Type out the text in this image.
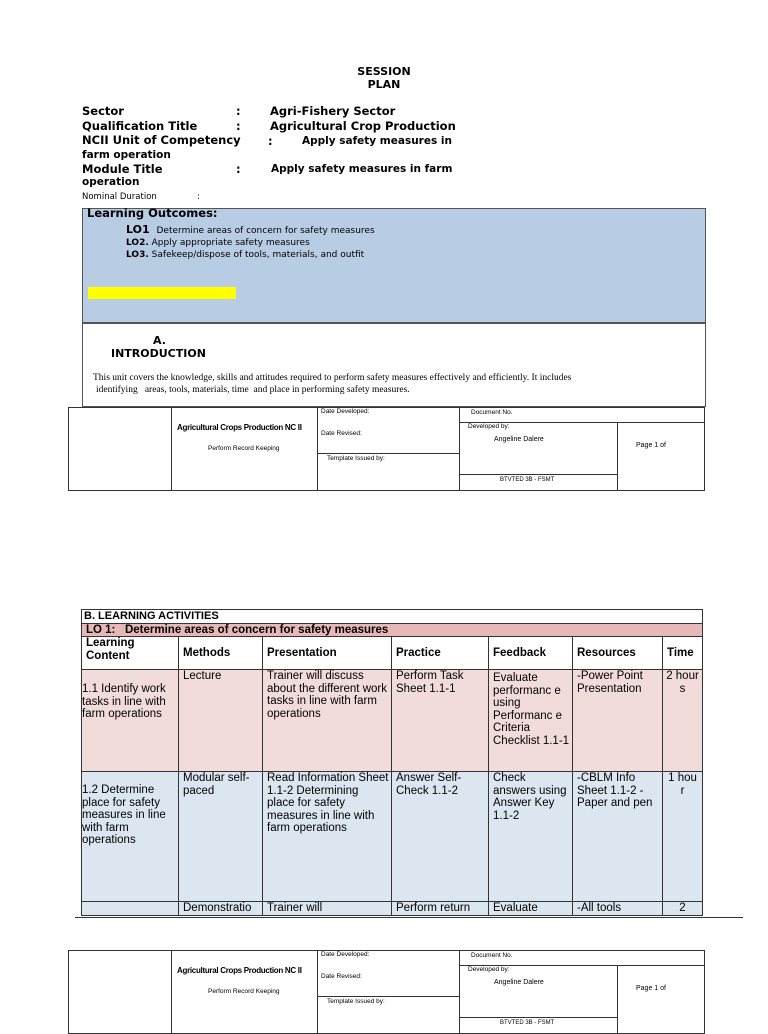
SESSION
PLAN
Sector	:	Agri-Fishery Sector
Qualification Title	:	Agricultural Crop Production
NCII Unit of Competency :	Apply safety measures in
farm operation
Module Title	:	Apply safety measures in farm
operation
Nominal Duration	:
Learning Outcomes:
LO1 Determine areas of concern for safety measures
LO2. Apply appropriate safety measures
LO3. Safekeep/dispose of tools, materials, and outfit
A.
INTRODUCTION
This unit covers the knowledge, skills and attitudes required to perform safety measures effectively and efficiently. It includes
identifying   areas, tools, materials, time  and place in performing safety measures.
Agricultural Crops Production NC II
Perform Record Keeping
Date Developed:
Date Revised:
Template Issued by:
Document No.
Developed by:
Angeline Dalere
Page 1 of
BTVTED 3B - FSMT
B. LEARNING ACTIVITIES						
LO 1:   Determine areas of concern for safety measures						
Learning Content	Methods	Presentation	Practice	Feedback	Resources	Time
1.1 Identify work tasks in line with farm operations	Lecture	Trainer will discuss about the different work tasks in line with farm operations	Perform Task Sheet 1.1-1	Evaluate performanc e using Performanc e Criteria Checklist 1.1-1	-Power Point Presentation	2 hour s
1.2 Determine place for safety measures in line with farm operations	Modular self-paced	Read Information Sheet 1.1-2 Determining place for safety measures in line with farm operations	Answer Self- Check 1.1-2	Check answers using Answer Key 1.1-2	-CBLM Info Sheet 1.1-2 -Paper and pen	1 hou r
	Demonstratio	Trainer will	Perform return	Evaluate	-All tools	2
Agricultural Crops Production NC II
Perform Record Keeping
Date Developed:
Date Revised:
Template Issued by:
Document No.
Developed by:
Angeline Dalere
Page 1 of
BTVTED 3B - FSMT
